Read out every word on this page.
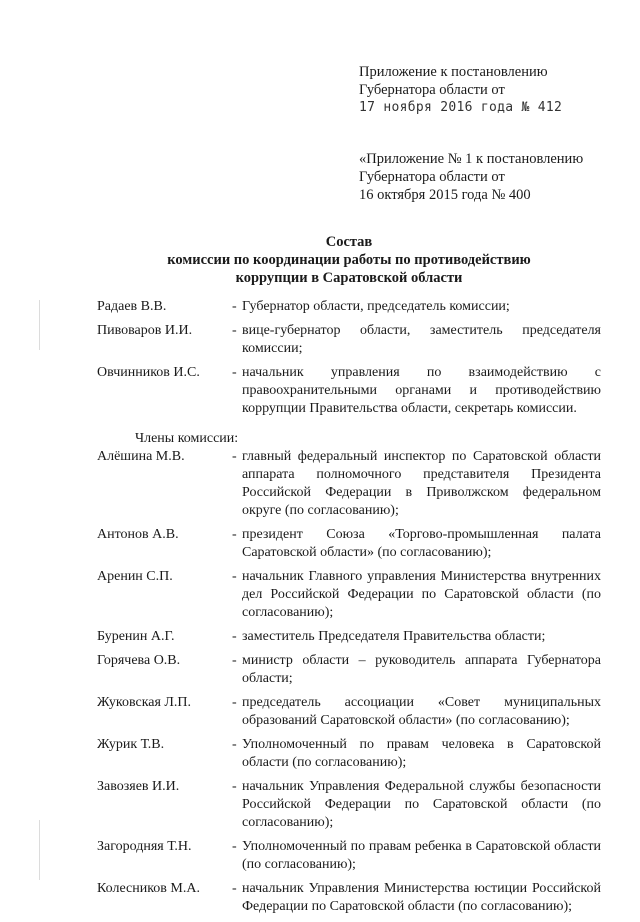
Приложение к постановлению
Губернатора области от
17 ноября 2016 года № 412
«Приложение № 1 к постановлению
Губернатора области от
16 октября 2015 года № 400
Состав
комиссии по координации работы по противодействию
коррупции в Саратовской области
Радаев В.В.	- Губернатор области, председатель комиссии;
Пивоваров И.И.	- вице-губернатор области, заместитель председателя комиссии;
Овчинников И.С.	- начальник управления по взаимодействию с правоохранительными органами и противодействию коррупции Правительства области, секретарь комиссии.
Члены комиссии:
Алёшина М.В.	- главный федеральный инспектор по Саратовской области аппарата полномочного представителя Президента Российской Федерации в Приволжском федеральном округе (по согласованию);
Антонов А.В.	- президент Союза «Торгово-промышленная палата Саратовской области» (по согласованию);
Аренин С.П.	- начальник Главного управления Министерства внутренних дел Российской Федерации по Саратовской области (по согласованию);
Буренин А.Г.	- заместитель Председателя Правительства области;
Горячева О.В.	- министр области – руководитель аппарата Губернатора области;
Жуковская Л.П.	- председатель ассоциации «Совет муниципальных образований Саратовской области» (по согласованию);
Журик Т.В.	- Уполномоченный по правам человека в Саратовской области (по согласованию);
Завозяев И.И.	- начальник Управления Федеральной службы безопасности Российской Федерации по Саратовской области (по согласованию);
Загородняя Т.Н.	- Уполномоченный по правам ребенка в Саратовской области (по согласованию);
Колесников М.А.	- начальник Управления Министерства юстиции Российской Федерации по Саратовской области (по согласованию);
